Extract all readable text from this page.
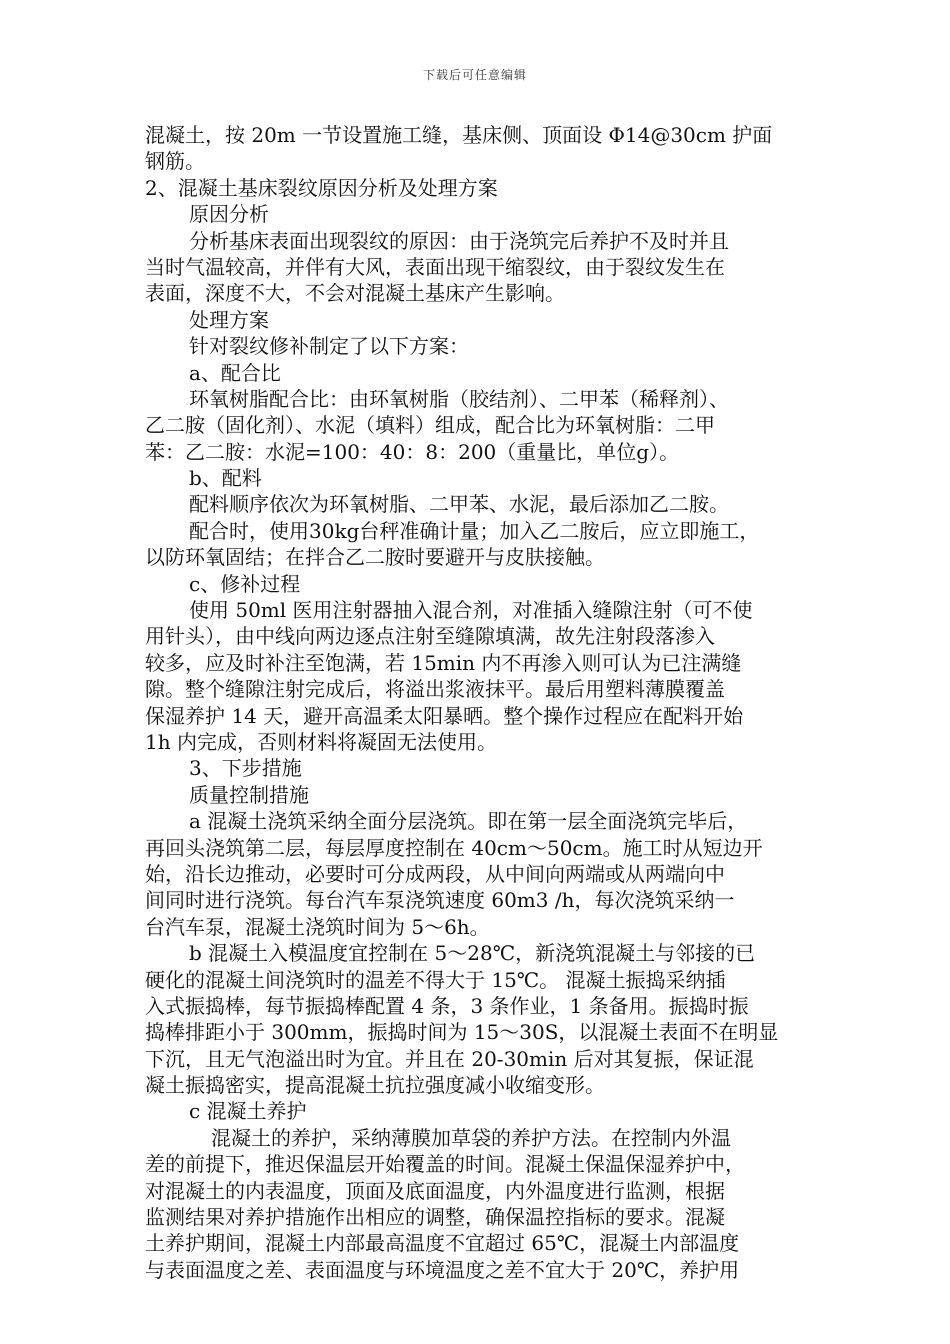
下载后可任意编辑
混凝土，按 20m 一节设置施工缝，基床侧、顶面设 Φ14@30cm 护面
钢筋。
2、混凝土基床裂纹原因分析及处理方案
原因分析
分析基床表面出现裂纹的原因：由于浇筑完后养护不及时并且
当时气温较高，并伴有大风，表面出现干缩裂纹，由于裂纹发生在
表面，深度不大，不会对混凝土基床产生影响。
处理方案
针对裂纹修补制定了以下方案：
a、配合比
环氧树脂配合比：由环氧树脂（胶结剂）、二甲苯（稀释剂）、
乙二胺（固化剂）、水泥（填料）组成，配合比为环氧树脂：二甲
苯：乙二胺：水泥=100：40：8：200（重量比，单位g）。
b、配料
配料顺序依次为环氧树脂、二甲苯、水泥，最后添加乙二胺。
配合时，使用30kg台秤准确计量；加入乙二胺后，应立即施工，
以防环氧固结；在拌合乙二胺时要避开与皮肤接触。
c、修补过程
使用 50ml 医用注射器抽入混合剂，对准插入缝隙注射（可不使
用针头），由中线向两边逐点注射至缝隙填满，故先注射段落渗入
较多，应及时补注至饱满，若 15min 内不再渗入则可认为已注满缝
隙。整个缝隙注射完成后，将溢出浆液抹平。最后用塑料薄膜覆盖
保湿养护 14 天，避开高温柔太阳暴晒。整个操作过程应在配料开始
1h 内完成，否则材料将凝固无法使用。
3、下步措施
质量控制措施
a 混凝土浇筑采纳全面分层浇筑。即在第一层全面浇筑完毕后，
再回头浇筑第二层，每层厚度控制在 40cm～50cm。施工时从短边开
始，沿长边推动，必要时可分成两段，从中间向两端或从两端向中
间同时进行浇筑。每台汽车泵浇筑速度 60m3 /h，每次浇筑采纳一
台汽车泵，混凝土浇筑时间为 5～6h。
b 混凝土入模温度宜控制在 5～28℃，新浇筑混凝土与邻接的已
硬化的混凝土间浇筑时的温差不得大于 15℃。 混凝土振捣采纳插
入式振捣棒，每节振捣棒配置 4 条，3 条作业，1 条备用。振捣时振
捣棒排距小于 300mm，振捣时间为 15～30S，以混凝土表面不在明显
下沉，且无气泡溢出时为宜。并且在 20-30min 后对其复振，保证混
凝土振捣密实，提高混凝土抗拉强度减小收缩变形。
c 混凝土养护
混凝土的养护，采纳薄膜加草袋的养护方法。在控制内外温
差的前提下，推迟保温层开始覆盖的时间。混凝土保温保湿养护中，
对混凝土的内表温度，顶面及底面温度，内外温度进行监测，根据
监测结果对养护措施作出相应的调整，确保温控指标的要求。混凝
土养护期间，混凝土内部最高温度不宜超过 65℃，混凝土内部温度
与表面温度之差、表面温度与环境温度之差不宜大于 20℃，养护用
